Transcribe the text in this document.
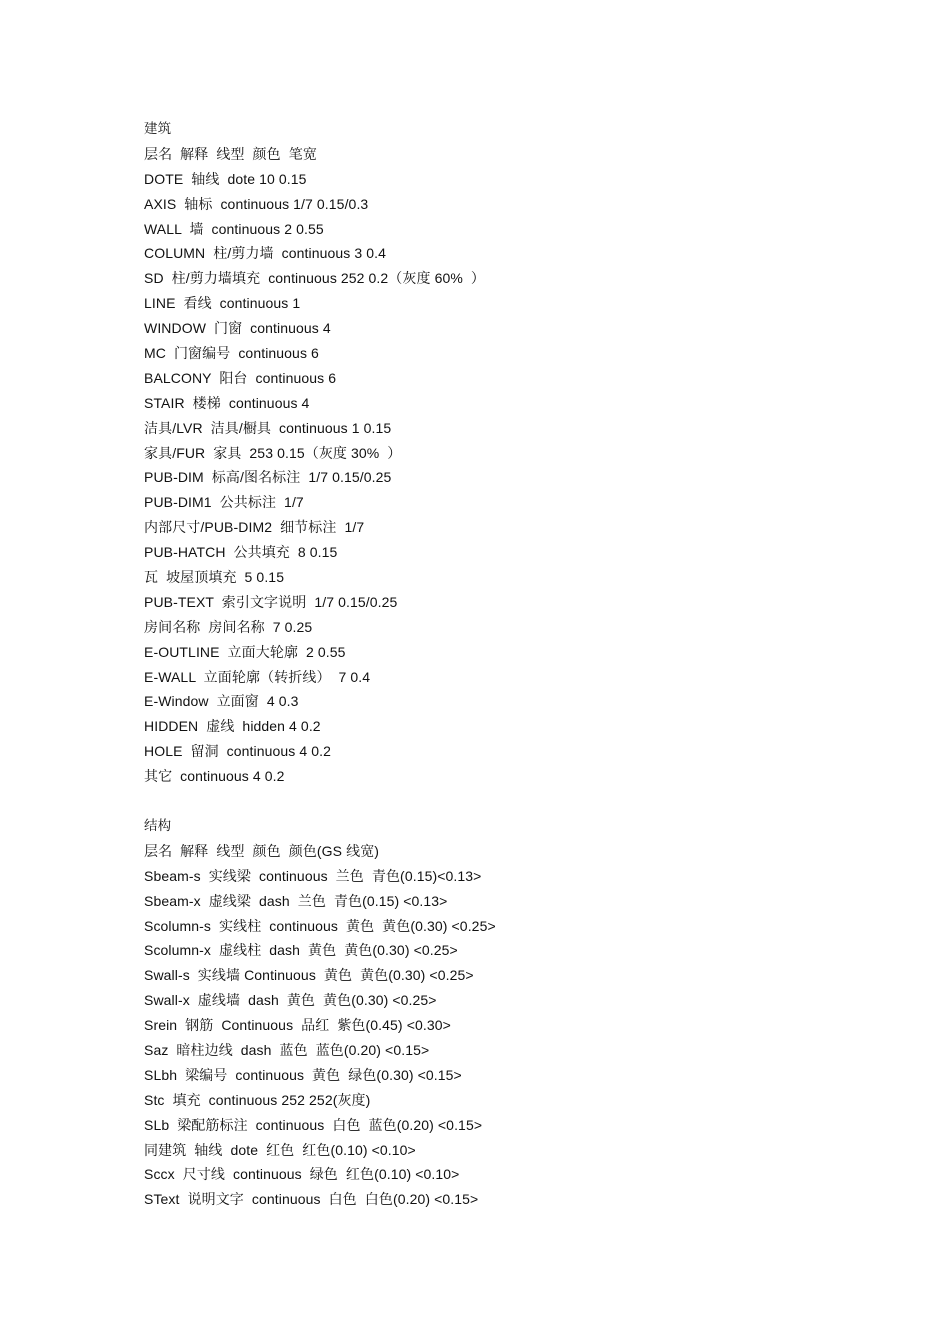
建筑
层名  解释  线型  颜色  笔宽
DOTE  轴线  dote 10 0.15
AXIS  轴标  continuous 1/7 0.15/0.3
WALL  墙  continuous 2 0.55
COLUMN  柱/剪力墙  continuous 3 0.4
SD  柱/剪力墙填充  continuous 252 0.2（灰度 60%  ）
LINE  看线  continuous 1
WINDOW  门窗  continuous 4
MC  门窗编号  continuous 6
BALCONY  阳台  continuous 6
STAIR  楼梯  continuous 4
洁具/LVR  洁具/橱具  continuous 1 0.15
家具/FUR  家具  253 0.15（灰度 30%  ）
PUB-DIM  标高/图名标注  1/7 0.15/0.25
PUB-DIM1  公共标注  1/7
内部尺寸/PUB-DIM2  细节标注  1/7
PUB-HATCH  公共填充  8 0.15
瓦  坡屋顶填充  5 0.15
PUB-TEXT  索引文字说明  1/7 0.15/0.25
房间名称  房间名称  7 0.25
E-OUTLINE  立面大轮廓  2 0.55
E-WALL  立面轮廓（转折线）  7 0.4
E-Window  立面窗  4 0.3
HIDDEN  虚线  hidden 4 0.2
HOLE  留洞  continuous 4 0.2
其它  continuous 4 0.2
结构
层名  解释  线型  颜色  颜色(GS 线宽)
Sbeam-s  实线梁  continuous  兰色  青色(0.15)<0.13>
Sbeam-x  虚线梁  dash  兰色  青色(0.15) <0.13>
Scolumn-s  实线柱  continuous  黄色  黄色(0.30) <0.25>
Scolumn-x  虚线柱  dash  黄色  黄色(0.30) <0.25>
Swall-s  实线墙 Continuous  黄色  黄色(0.30) <0.25>
Swall-x  虚线墙  dash  黄色  黄色(0.30) <0.25>
Srein  钢筋  Continuous  品红  紫色(0.45) <0.30>
Saz  暗柱边线  dash  蓝色  蓝色(0.20) <0.15>
SLbh  梁编号  continuous  黄色  绿色(0.30) <0.15>
Stc  填充  continuous 252 252(灰度)
SLb  梁配筋标注  continuous  白色  蓝色(0.20) <0.15>
同建筑  轴线  dote  红色  红色(0.10) <0.10>
Sccx  尺寸线  continuous  绿色  红色(0.10) <0.10>
SText  说明文字  continuous  白色  白色(0.20) <0.15>
